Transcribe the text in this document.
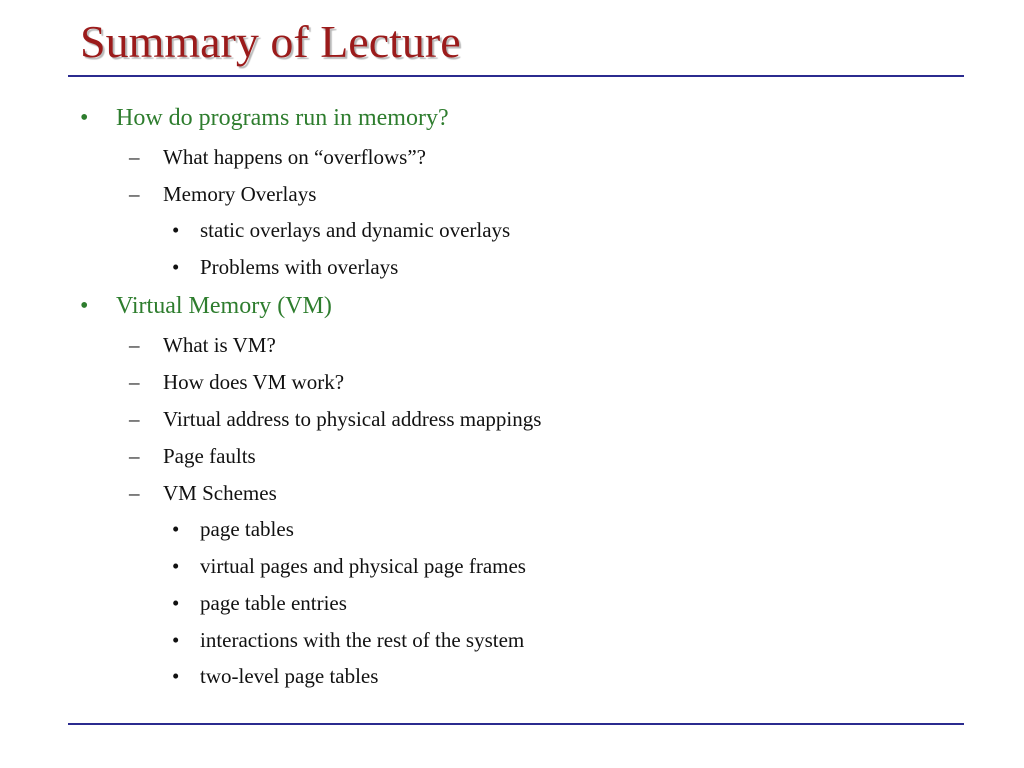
Summary of Lecture
• How do programs run in memory?
– What happens on “overflows”?
– Memory Overlays
• static overlays and dynamic overlays
• Problems with overlays
• Virtual Memory (VM)
– What is VM?
– How does VM work?
– Virtual address to physical address mappings
– Page faults
– VM Schemes
• page tables
• virtual pages and physical page frames
• page table entries
• interactions with the rest of the system
• two-level page tables
